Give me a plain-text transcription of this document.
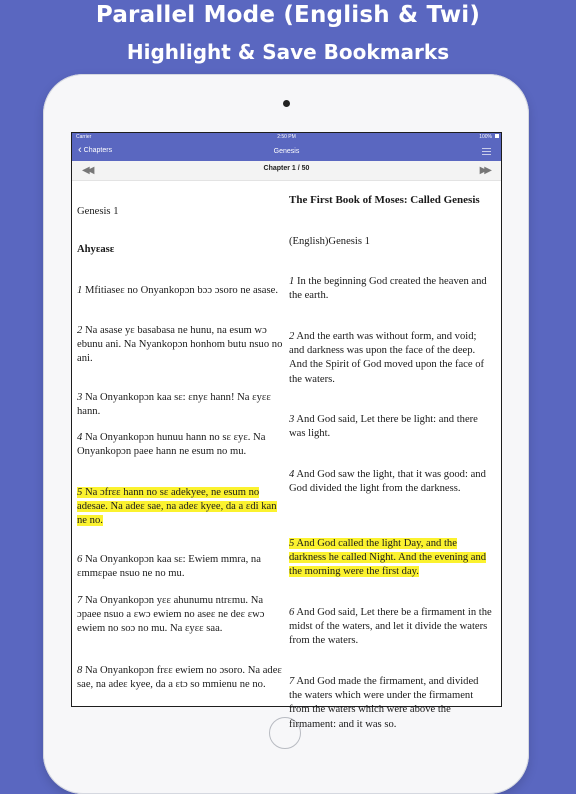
Parallel Mode (English & Twi)
Highlight & Save Bookmarks
Carrier	2:50 PM	100%
‹ Chapters	Genesis
◀◀	Chapter 1 / 50	▶▶
Genesis 1
Ahyɛasɛ
1 Mfitiaseɛ no Onyankopɔn bɔɔ ɔsoro ne asase.
2 Na asase yɛ basabasa ne hunu, na esum wɔ ebunu ani. Na Nyankopɔn honhom butu nsuo no ani.
3 Na Onyankopɔn kaa sɛ: ɛnyɛ hann! Na ɛyɛɛ hann.
4 Na Onyankopɔn hunuu hann no sɛ ɛyɛ. Na Onyankopɔn paee hann ne esum no mu.
5 Na ɔfrɛɛ hann no sɛ adekyee, ne esum no adesae. Na adeɛ sae, na adeɛ kyee, da a ɛdi kan ne no.
6 Na Onyankopɔn kaa sɛ: Ewiem mmra, na ɛmmɛpae nsuo ne no mu.
7 Na Onyankopɔn yɛɛ ahunumu ntrɛmu. Na ɔpaee nsuo a ɛwɔ ewiem no aseɛ ne deɛ ɛwɔ ewiem no soɔ no mu. Na ɛyɛɛ saa.
8 Na Onyankopɔn frɛɛ ewiem no ɔsoro. Na adeɛ sae, na adeɛ kyee, da a ɛtɔ so mmienu ne no.
The First Book of Moses: Called Genesis
(English)Genesis 1
1 In the beginning God created the heaven and the earth.
2 And the earth was without form, and void; and darkness was upon the face of the deep. And the Spirit of God moved upon the face of the waters.
3 And God said, Let there be light: and there was light.
4 And God saw the light, that it was good: and God divided the light from the darkness.
5 And God called the light Day, and the darkness he called Night. And the evening and the morning were the first day.
6 And God said, Let there be a firmament in the midst of the waters, and let it divide the waters from the waters.
7 And God made the firmament, and divided the waters which were under the firmament from the waters which were above the firmament: and it was so.
